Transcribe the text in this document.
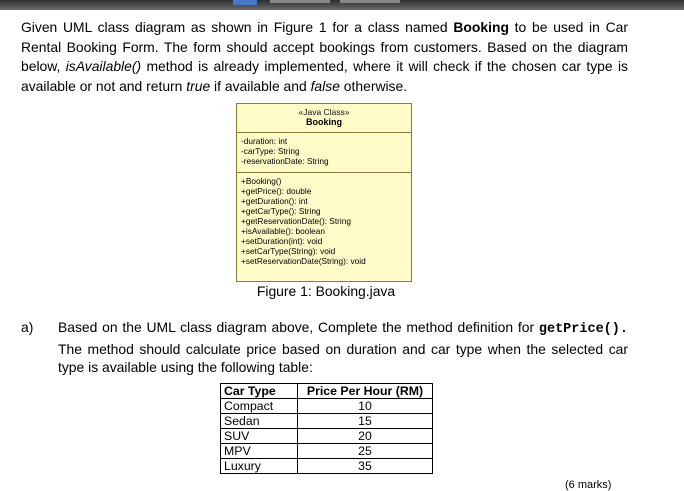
Given UML class diagram as shown in Figure 1 for a class named Booking to be used in Car Rental Booking Form. The form should accept bookings from customers. Based on the diagram below, isAvailable() method is already implemented, where it will check if the chosen car type is available or not and return true if available and false otherwise.

«Java Class»
Booking
-duration: int
-carType: String
-reservationDate: String
+Booking()
+getPrice(): double
+getDuration(): int
+getCarType(): String
+getReservationDate(): String
+isAvailable(): boolean
+setDuration(int): void
+setCarType(String): void
+setReservationDate(String): void
Figure 1: Booking.java
a) Based on the UML class diagram above, Complete the method definition for getPrice(). The method should calculate price based on duration and car type when the selected car type is available using the following table:

Car Type	Price Per Hour (RM)
Compact	10
Sedan	15
SUV	20
MPV	25
Luxury	35
(6 marks)
